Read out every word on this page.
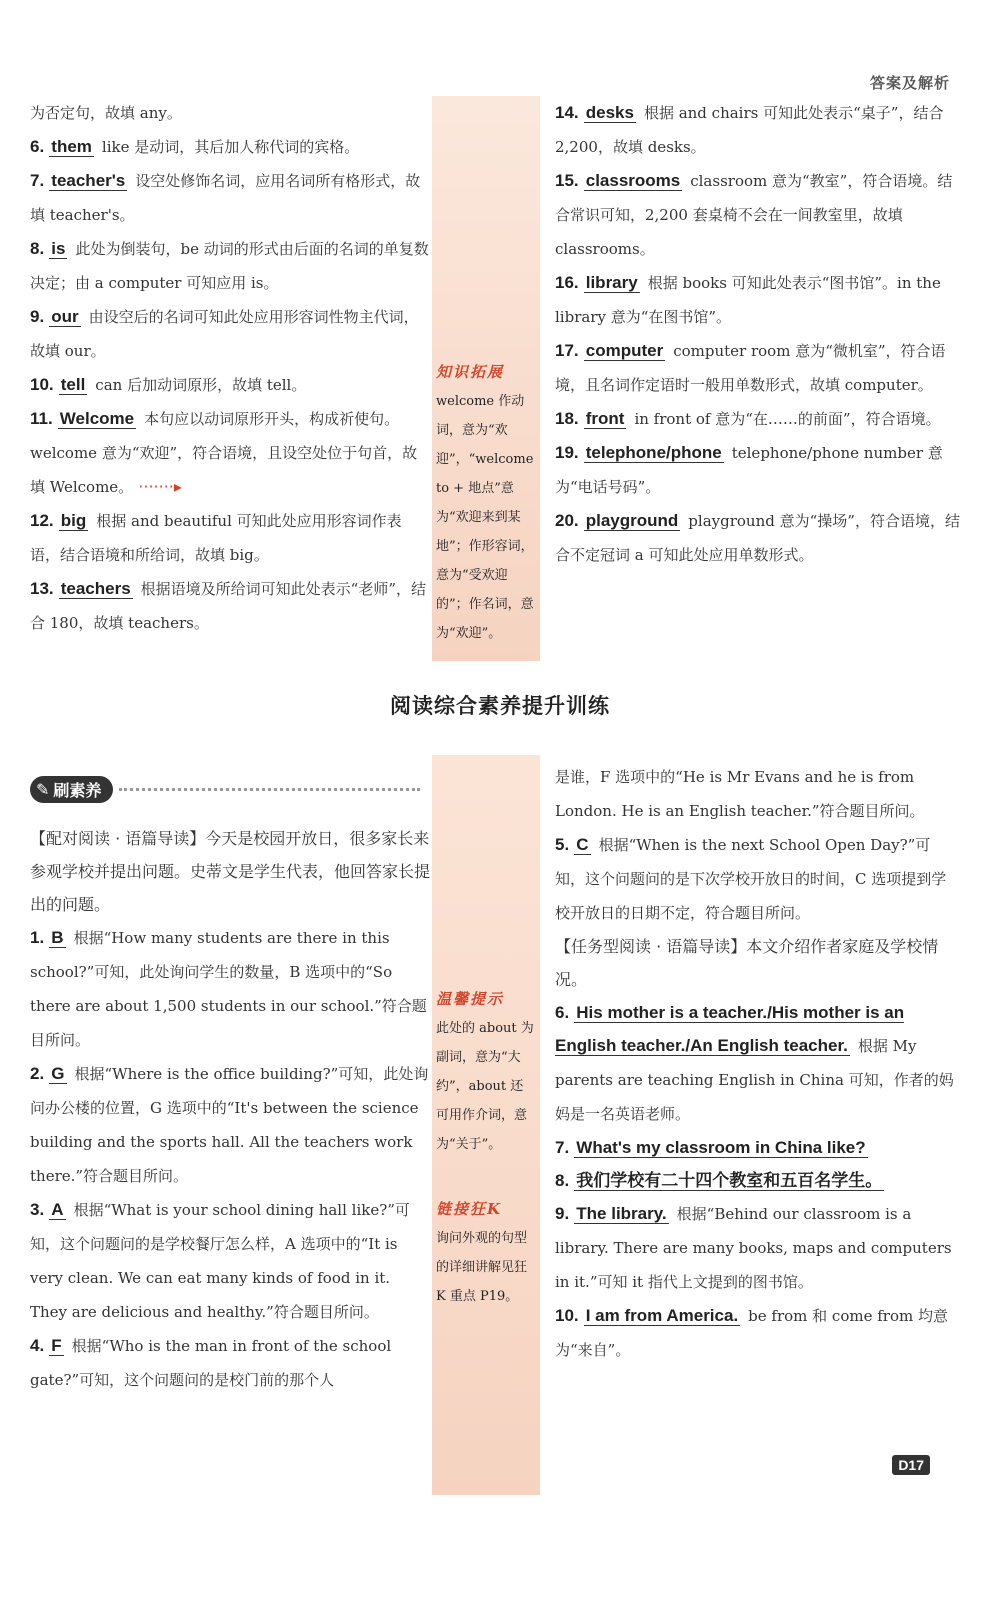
答案及解析
为否定句，故填 any。
6. them like 是动词，其后加人称代词的宾格。
7. teacher's 设空处修饰名词，应用名词所有格形式，故填 teacher's。
8. is 此处为倒装句，be 动词的形式由后面的名词的单复数决定；由 a computer 可知应用 is。
9. our 由设空后的名词可知此处应用形容词性物主代词，故填 our。
10. tell can 后加动词原形，故填 tell。
11. Welcome 本句应以动词原形开头，构成祈使句。welcome 意为“欢迎”，符合语境，且设空处位于句首，故填 Welcome。 ·······▸
12. big 根据 and beautiful 可知此处应用形容词作表语，结合语境和所给词，故填 big。
13. teachers 根据语境及所给词可知此处表示“老师”，结合 180，故填 teachers。
知识拓展
welcome 作动词，意为“欢迎”，“welcome to + 地点”意为“欢迎来到某地”；作形容词，意为“受欢迎的”；作名词，意为“欢迎”。
14. desks 根据 and chairs 可知此处表示“桌子”，结合2,200，故填 desks。
15. classrooms classroom 意为“教室”，符合语境。结合常识可知，2,200 套桌椅不会在一间教室里，故填 classrooms。
16. library 根据 books 可知此处表示“图书馆”。in the library 意为“在图书馆”。
17. computer computer room 意为“微机室”，符合语境，且名词作定语时一般用单数形式，故填 computer。
18. front in front of 意为“在……的前面”，符合语境。
19. telephone/phone telephone/phone number 意为“电话号码”。
20. playground playground 意为“操场”，符合语境，结合不定冠词 a 可知此处应用单数形式。
阅读综合素养提升训练
✎ 刷素养
【配对阅读 · 语篇导读】今天是校园开放日，很多家长来参观学校并提出问题。史蒂文是学生代表，他回答家长提出的问题。
1. B 根据“How many students are there in this school?”可知，此处询问学生的数量，B 选项中的“So there are about 1,500 students in our school.”符合题目所问。
2. G 根据“Where is the office building?”可知，此处询问办公楼的位置，G 选项中的“It's between the science building and the sports hall. All the teachers work there.”符合题目所问。
3. A 根据“What is your school dining hall like?”可知，这个问题问的是学校餐厅怎么样，A 选项中的“It is very clean. We can eat many kinds of food in it. They are delicious and healthy.”符合题目所问。
4. F 根据“Who is the man in front of the school gate?”可知，这个问题问的是校门前的那个人
温馨提示
此处的 about 为副词，意为“大约”，about 还可用作介词，意为“关于”。
链接狂K
询问外观的句型的详细讲解见狂 K 重点 P19。
是谁，F 选项中的“He is Mr Evans and he is from London. He is an English teacher.”符合题目所问。
5. C 根据“When is the next School Open Day?”可知，这个问题问的是下次学校开放日的时间，C 选项提到学校开放日的日期不定，符合题目所问。
【任务型阅读 · 语篇导读】本文介绍作者家庭及学校情况。
6. His mother is a teacher./His mother is an English teacher./An English teacher. 根据 My parents are teaching English in China 可知，作者的妈妈是一名英语老师。
7. What's my classroom in China like?
8. 我们学校有二十四个教室和五百名学生。
9. The library. 根据“Behind our classroom is a library. There are many books, maps and computers in it.”可知 it 指代上文提到的图书馆。
10. I am from America. be from 和 come from 均意为“来自”。
D17
